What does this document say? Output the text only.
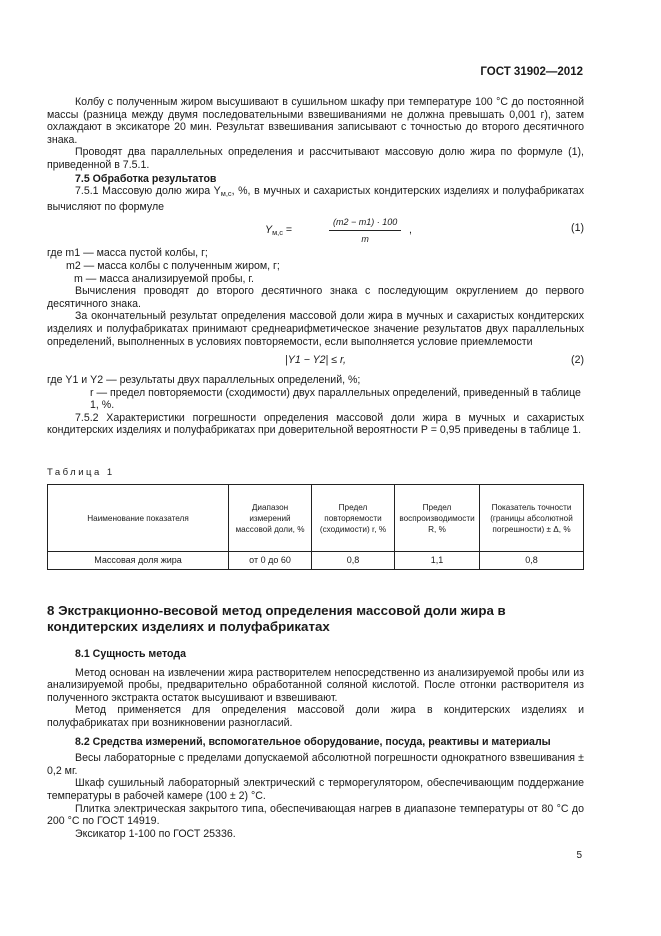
ГОСТ 31902—2012

Колбу с полученным жиром высушивают в сушильном шкафу при температуре 100 °С до постоянной массы (разница между двумя последовательными взвешиваниями не должна превышать 0,001 г), затем охлаждают в эксикаторе 20 мин. Результат взвешивания записывают с точностью до второго десятичного знака.

Проводят два параллельных определения и рассчитывают массовую долю жира по формуле (1), приведенной в 7.5.1.

7.5 Обработка результатов

7.5.1 Массовую долю жира $Y_{м,с}$, %, в мучных и сахаристых кондитерских изделиях и полуфабрикатах вычисляют по формуле

$Y_{м,с}$ =	$\frac{(m2 - m1) \cdot 100}{m}$ ,	(1)
где m1 — масса пустой колбы, г;
m2 — масса колбы с полученным жиром, г;
m — масса анализируемой пробы, г.

Вычисления проводят до второго десятичного знака с последующим округлением до первого десятичного знака.

За окончательный результат определения массовой доли жира в мучных и сахаристых кондитерских изделиях и полуфабрикатах принимают среднеарифметическое значение результатов двух параллельных определений, выполненных в условиях повторяемости, если выполняется условие приемлемости

|Y1 − Y2| ≤ r,	(2)
где Y1 и Y2 — результаты двух параллельных определений, %;
r — предел повторяемости (сходимости) двух параллельных определений, приведенный в таблице 1, %.

7.5.2 Характеристики погрешности определения массовой доли жира в мучных и сахаристых кондитерских изделиях и полуфабрикатах при доверительной вероятности P = 0,95 приведены в таблице 1.

Таблица 1
Наименование показателя	Диапазон измерений массовой доли, %	Предел повторяемости (сходимости) r, %	Предел воспроизводимости R, %	Показатель точности (границы абсолютной погрешности) ± Δ, %
Массовая доля жира	от 0 до 60	0,8	1,1	0,8
8 Экстракционно-весовой метод определения массовой доли жира в кондитерских изделиях и полуфабрикатах

8.1 Сущность метода

Метод основан на извлечении жира растворителем непосредственно из анализируемой пробы или из анализируемой пробы, предварительно обработанной соляной кислотой. После отгонки растворителя из полученного экстракта остаток высушивают и взвешивают.

Метод применяется для определения массовой доли жира в кондитерских изделиях и полуфабрикатах при возникновении разногласий.

8.2 Средства измерений, вспомогательное оборудование, посуда, реактивы и материалы

Весы лабораторные с пределами допускаемой абсолютной погрешности однократного взвешивания ± 0,2 мг.

Шкаф сушильный лабораторный электрический с терморегулятором, обеспечивающим поддержание температуры в рабочей камере (100 ± 2) °С.

Плитка электрическая закрытого типа, обеспечивающая нагрев в диапазоне температуры от 80 °С до 200 °С по ГОСТ 14919.

Эксикатор 1-100 по ГОСТ 25336.

5
